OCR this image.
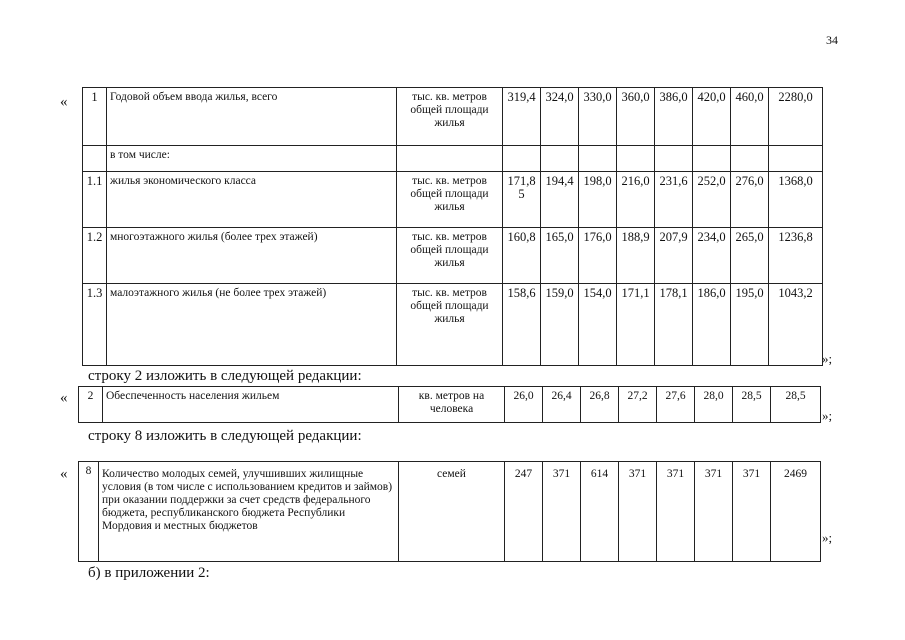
34
« 1	Годовой объем ввода жилья, всего	тыс. кв. метров общей площади жилья	319,4	324,0	330,0	360,0	386,0	420,0	460,0	2280,0
	в том числе:									
1.1	жилья экономического класса	тыс. кв. метров общей площади жилья	171,85	194,4	198,0	216,0	231,6	252,0	276,0	1368,0
1.2	многоэтажного жилья (более трех этажей)	тыс. кв. метров общей площади жилья	160,8	165,0	176,0	188,9	207,9	234,0	265,0	1236,8
1.3	малоэтажного жилья (не более трех этажей)	тыс. кв. метров общей площади жилья	158,6	159,0	154,0	171,1	178,1	186,0	195,0	1043,2
»;
строку 2 изложить в следующей редакции:
« 2	Обеспеченность населения жильем	кв. метров на человека	26,0	26,4	26,8	27,2	27,6	28,0	28,5	28,5
»;
строку 8 изложить в следующей редакции:
« 8	Количество молодых семей, улучшивших жилищные условия (в том числе с использованием кредитов и займов) при оказании поддержки за счет средств федерального бюджета, республиканского бюджета Республики Мордовия и местных бюджетов	семей	247	371	614	371	371	371	371	2469
»;
б) в приложении 2:
